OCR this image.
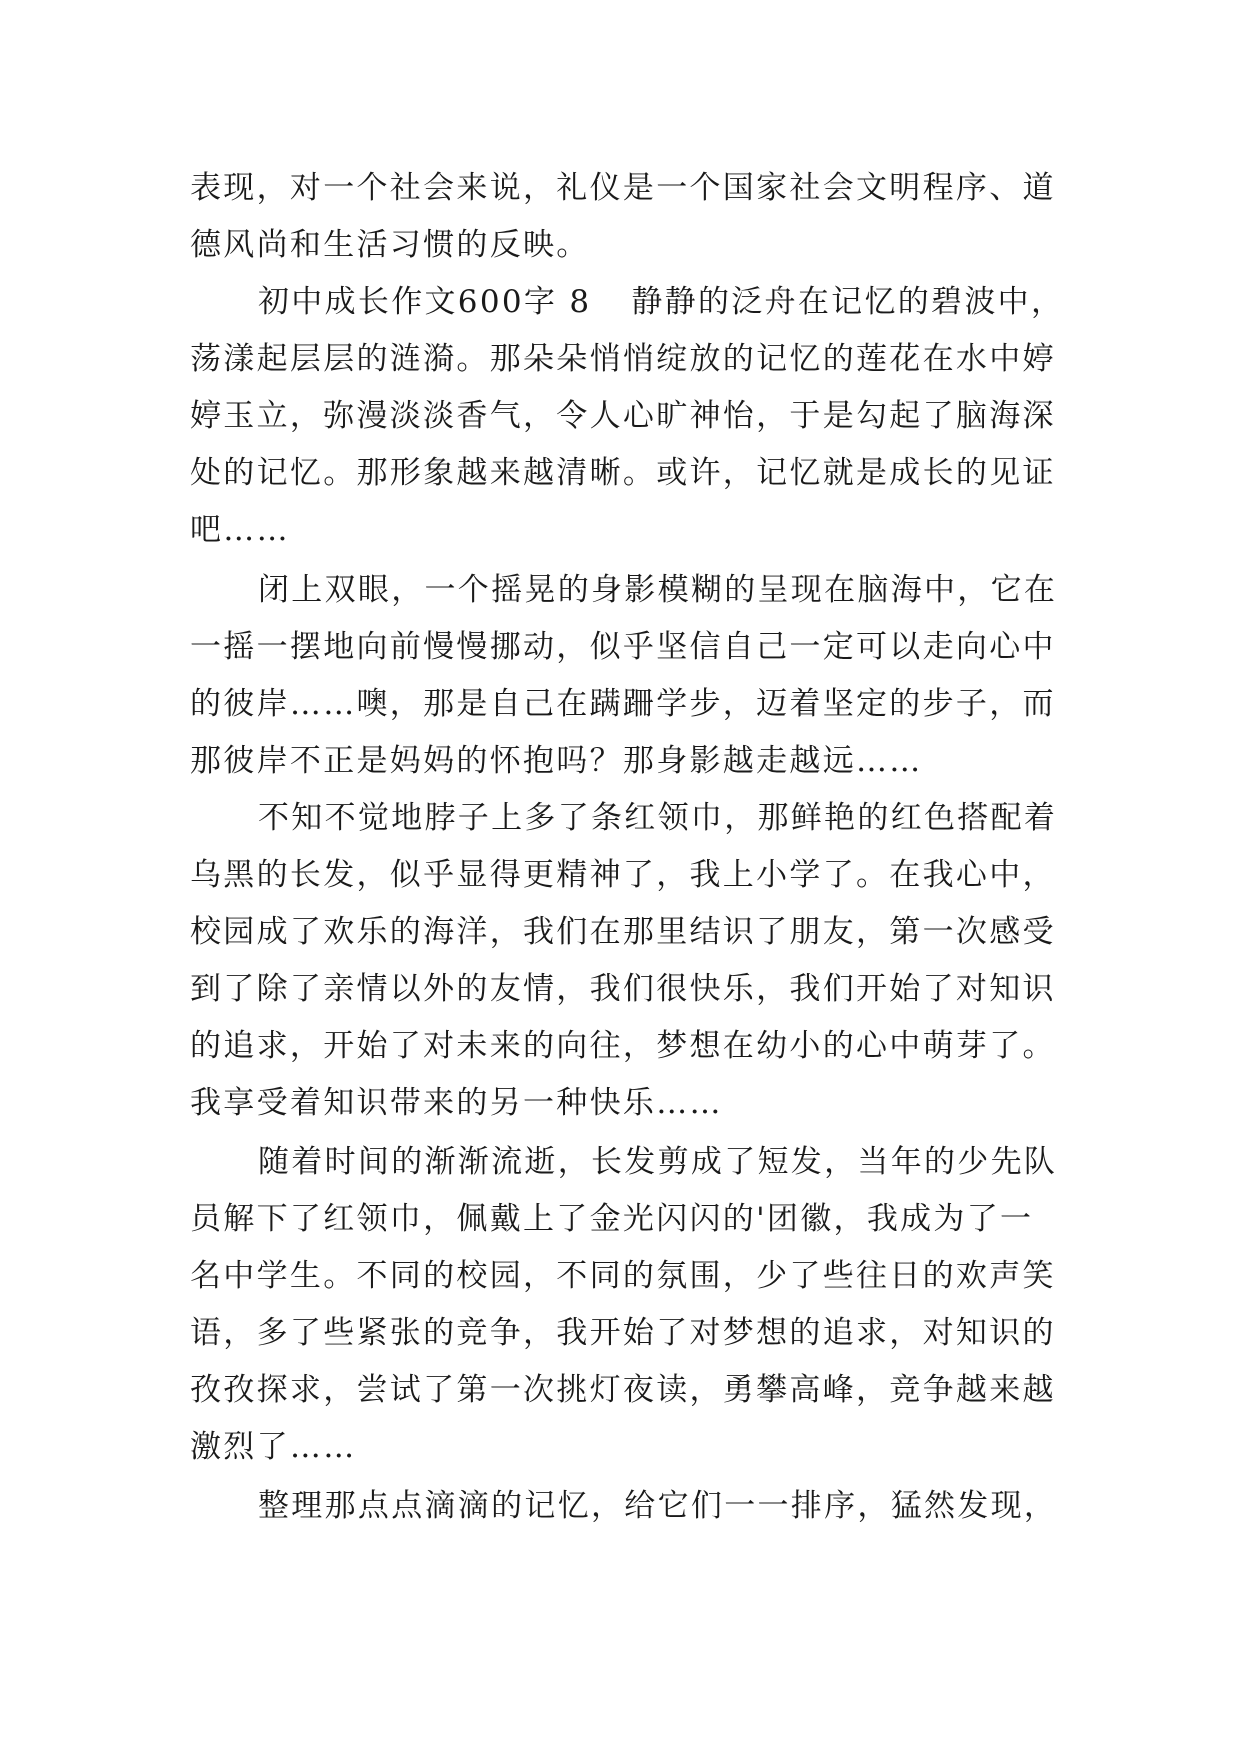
表现，对一个社会来说，礼仪是一个国家社会文明程序、道
德风尚和生活习惯的反映。
初中成长作文600字 8 静静的泛舟在记忆的碧波中，
荡漾起层层的涟漪。那朵朵悄悄绽放的记忆的莲花在水中婷
婷玉立，弥漫淡淡香气，令人心旷神怡，于是勾起了脑海深
处的记忆。那形象越来越清晰。或许，记忆就是成长的见证
吧……
闭上双眼，一个摇晃的身影模糊的呈现在脑海中，它在
一摇一摆地向前慢慢挪动，似乎坚信自己一定可以走向心中
的彼岸……噢，那是自己在蹒跚学步，迈着坚定的步子，而
那彼岸不正是妈妈的怀抱吗？那身影越走越远……
不知不觉地脖子上多了条红领巾，那鲜艳的红色搭配着
乌黑的长发，似乎显得更精神了，我上小学了。在我心中，
校园成了欢乐的海洋，我们在那里结识了朋友，第一次感受
到了除了亲情以外的友情，我们很快乐，我们开始了对知识
的追求，开始了对未来的向往，梦想在幼小的心中萌芽了。
我享受着知识带来的另一种快乐……
随着时间的渐渐流逝，长发剪成了短发，当年的少先队
员解下了红领巾，佩戴上了金光闪闪的'团徽，我成为了一
名中学生。不同的校园，不同的氛围，少了些往日的欢声笑
语，多了些紧张的竞争，我开始了对梦想的追求，对知识的
孜孜探求，尝试了第一次挑灯夜读，勇攀高峰，竞争越来越
激烈了……
整理那点点滴滴的记忆，给它们一一排序，猛然发现，
